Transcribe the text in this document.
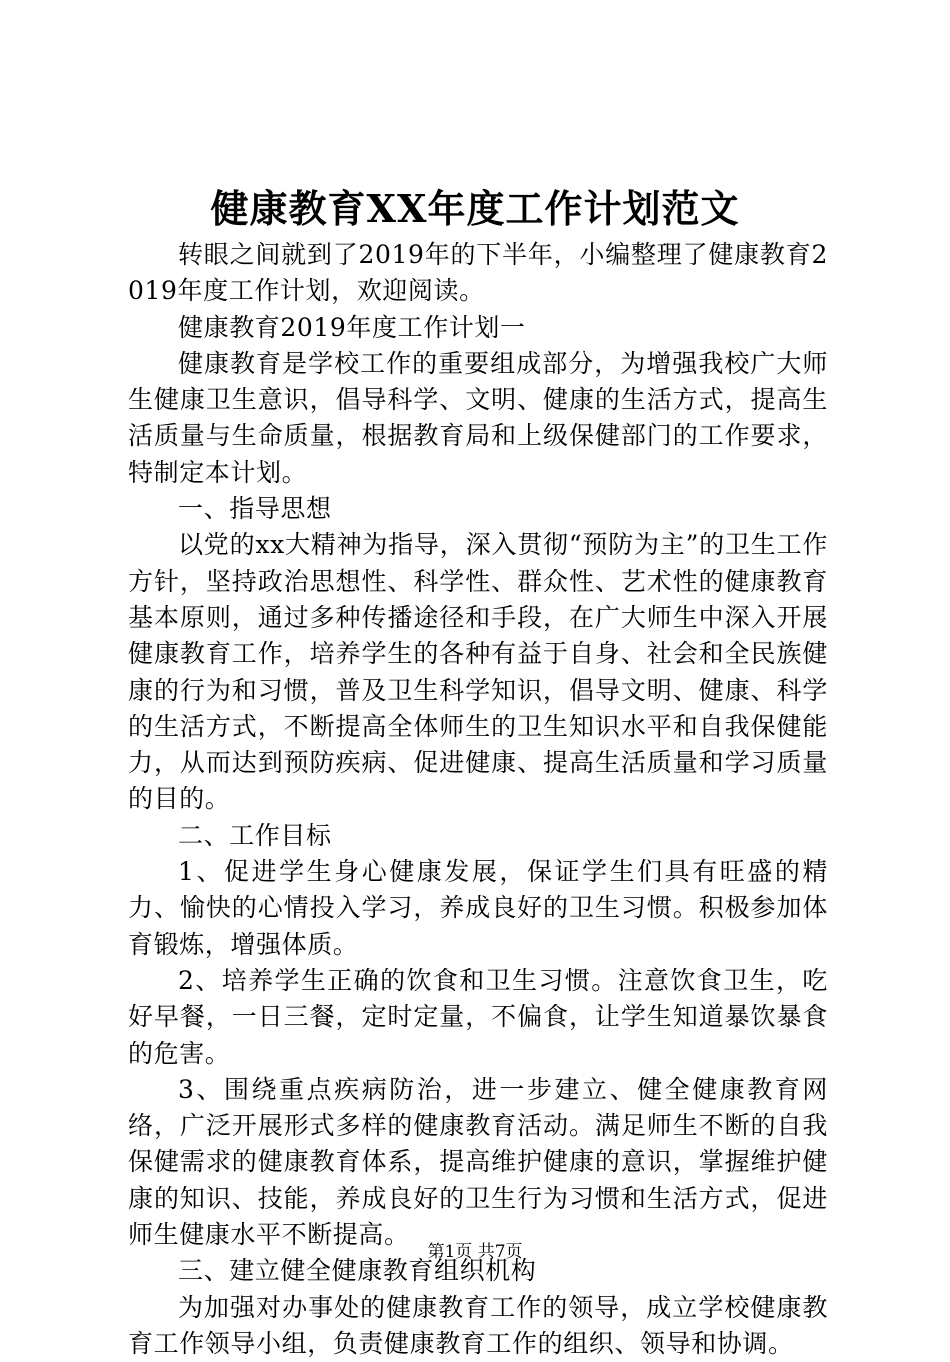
健康教育XX年度工作计划范文

转眼之间就到了2019年的下半年，小编整理了健康教育2019年度工作计划，欢迎阅读。

健康教育2019年度工作计划一

健康教育是学校工作的重要组成部分，为增强我校广大师生健康卫生意识，倡导科学、文明、健康的生活方式，提高生活质量与生命质量，根据教育局和上级保健部门的工作要求，特制定本计划。

一、指导思想

以党的xx大精神为指导，深入贯彻“预防为主”的卫生工作方针，坚持政治思想性、科学性、群众性、艺术性的健康教育基本原则，通过多种传播途径和手段，在广大师生中深入开展健康教育工作，培养学生的各种有益于自身、社会和全民族健康的行为和习惯，普及卫生科学知识，倡导文明、健康、科学的生活方式，不断提高全体师生的卫生知识水平和自我保健能力，从而达到预防疾病、促进健康、提高生活质量和学习质量的目的。

二、工作目标

1、促进学生身心健康发展，保证学生们具有旺盛的精力、愉快的心情投入学习，养成良好的卫生习惯。积极参加体育锻炼，增强体质。

2、培养学生正确的饮食和卫生习惯。注意饮食卫生，吃好早餐，一日三餐，定时定量，不偏食，让学生知道暴饮暴食的危害。

3、围绕重点疾病防治，进一步建立、健全健康教育网络，广泛开展形式多样的健康教育活动。满足师生不断的自我保健需求的健康教育体系，提高维护健康的意识，掌握维护健康的知识、技能，养成良好的卫生行为习惯和生活方式，促进师生健康水平不断提高。

三、建立健全健康教育组织机构

为加强对办事处的健康教育工作的领导，成立学校健康教育工作领导小组，负责健康教育工作的组织、领导和协调。

第1页 共7页
